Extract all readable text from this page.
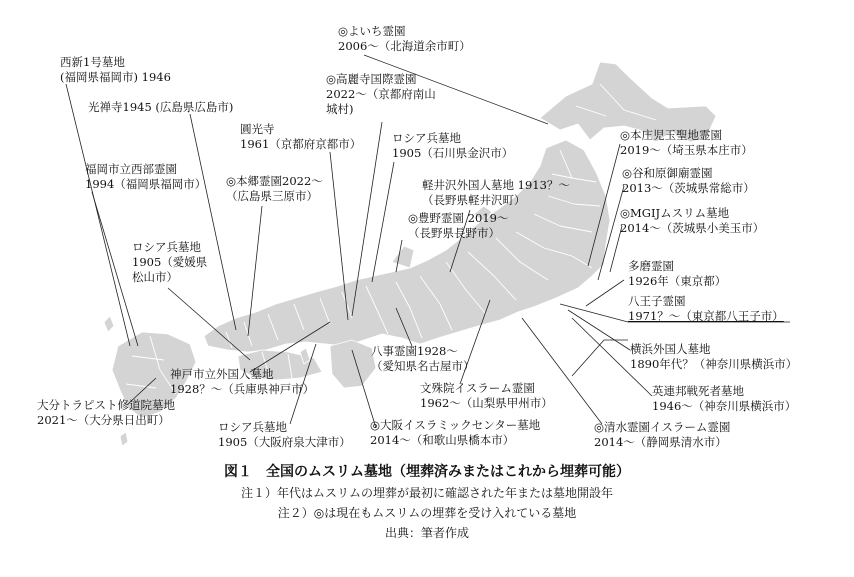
◎よいち霊園
2006〜（北海道余市町）
西新1号墓地
(福岡県福岡市) 1946	◎高麗寺国際霊園
2022〜（京都府南山
城村)
光禅寺1945 (広島県広島市)
圓光寺
1961（京都府京都市）	ロシア兵墓地
1905（石川県金沢市）
◎本庄児玉聖地霊園
2019〜（埼玉県本庄市）
福岡市立西部霊園
1994（福岡県福岡市） ◎本郷霊園2022〜
（広島県三原市）
軽井沢外国人墓地 1913？〜
（長野県軽井沢町）
◎谷和原御廟霊園
2013〜（茨城県常総市）
◎豊野霊園 2019〜
（長野県長野市）
◎MGIJムスリム墓地
2014〜（茨城県小美玉市）
ロシア兵墓地
1905（愛媛県
松山市）
多磨霊園
1926年（東京都）
八王子霊園
1971？〜（東京都八王子市）
八事霊園1928〜
（愛知県名古屋市）
横浜外国人墓地
1890年代？（神奈川県横浜市）
神戸市立外国人墓地
1928？〜（兵庫県神戸市）	文殊院イスラーム霊園
1962〜（山梨県甲州市）
英連邦戦死者墓地
1946〜（神奈川県横浜市）
大分トラピスト修道院墓地
2021〜（大分県日出町）	ロシア兵墓地
1905（大阪府泉大津市）
◎大阪イスラミックセンター墓地
2014〜（和歌山県橋本市）
◎清水霊園イスラーム霊園
2014〜（静岡県清水市）
図１　全国のムスリム墓地（埋葬済みまたはこれから埋葬可能）
注１）年代はムスリムの埋葬が最初に確認された年または墓地開設年
注２）◎は現在もムスリムの埋葬を受け入れている墓地
出典：筆者作成
